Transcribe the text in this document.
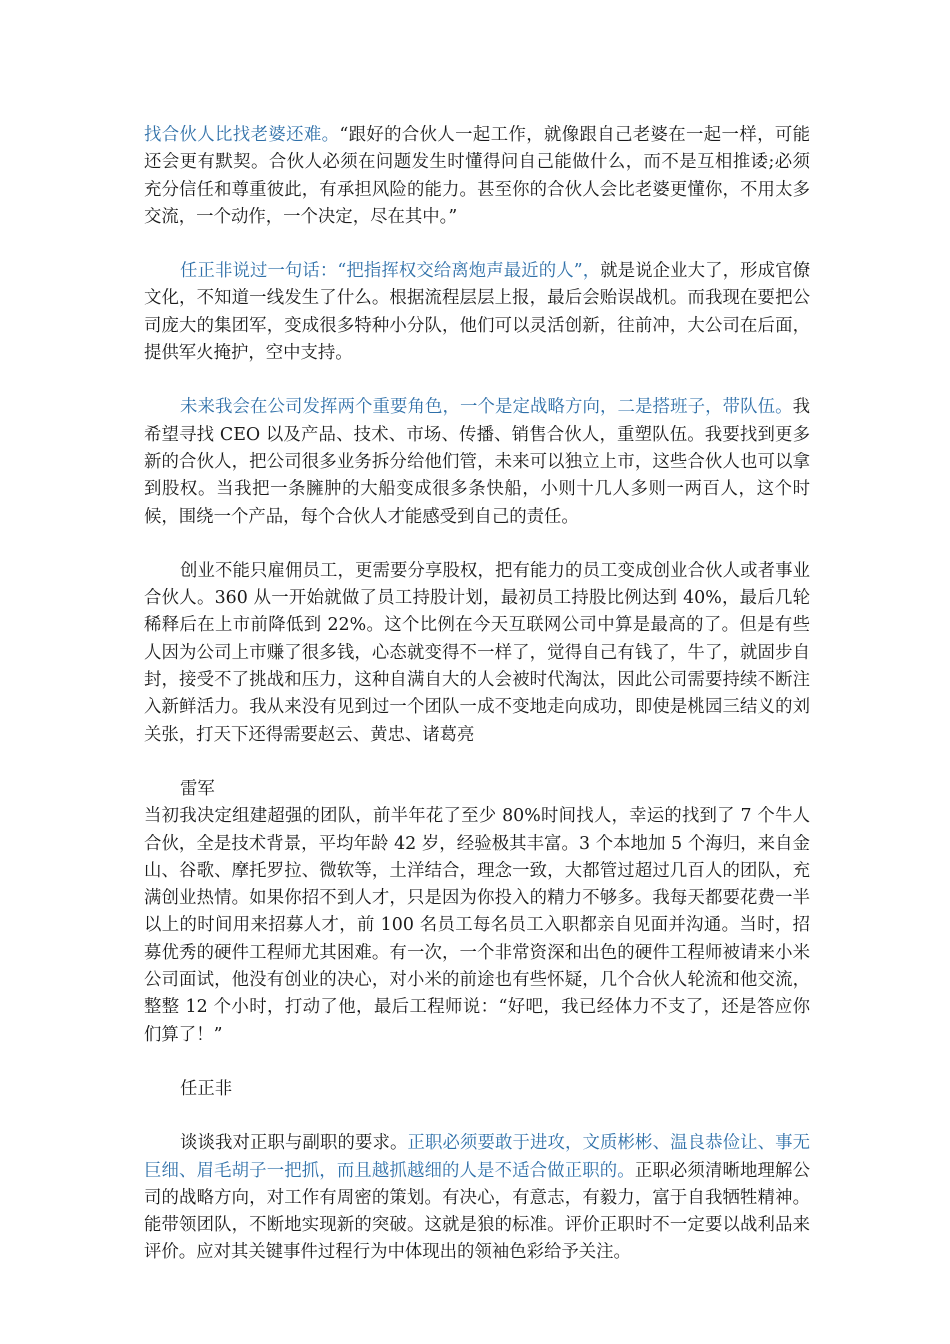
找合伙人比找老婆还难。“跟好的合伙人一起工作，就像跟自己老婆在一起一样，可能还会更有默契。合伙人必须在问题发生时懂得问自己能做什么，而不是互相推诿;必须充分信任和尊重彼此，有承担风险的能力。甚至你的合伙人会比老婆更懂你，不用太多交流，一个动作，一个决定，尽在其中。”

任正非说过一句话：“把指挥权交给离炮声最近的人”，就是说企业大了，形成官僚文化，不知道一线发生了什么。根据流程层层上报，最后会贻误战机。而我现在要把公司庞大的集团军，变成很多特种小分队，他们可以灵活创新，往前冲，大公司在后面，提供军火掩护，空中支持。

未来我会在公司发挥两个重要角色，一个是定战略方向，二是搭班子，带队伍。我希望寻找 CEO 以及产品、技术、市场、传播、销售合伙人，重塑队伍。我要找到更多新的合伙人，把公司很多业务拆分给他们管，未来可以独立上市，这些合伙人也可以拿到股权。当我把一条臃肿的大船变成很多条快船，小则十几人多则一两百人，这个时候，围绕一个产品，每个合伙人才能感受到自己的责任。

创业不能只雇佣员工，更需要分享股权，把有能力的员工变成创业合伙人或者事业合伙人。360 从一开始就做了员工持股计划，最初员工持股比例达到 40%，最后几轮稀释后在上市前降低到 22%。这个比例在今天互联网公司中算是最高的了。但是有些人因为公司上市赚了很多钱，心态就变得不一样了，觉得自己有钱了，牛了，就固步自封，接受不了挑战和压力，这种自满自大的人会被时代淘汰，因此公司需要持续不断注入新鲜活力。我从来没有见到过一个团队一成不变地走向成功，即使是桃园三结义的刘关张，打天下还得需要赵云、黄忠、诸葛亮

雷军

当初我决定组建超强的团队，前半年花了至少 80%时间找人，幸运的找到了 7 个牛人合伙，全是技术背景，平均年龄 42 岁，经验极其丰富。3 个本地加 5 个海归，来自金山、谷歌、摩托罗拉、微软等，土洋结合，理念一致，大都管过超过几百人的团队，充满创业热情。如果你招不到人才，只是因为你投入的精力不够多。我每天都要花费一半以上的时间用来招募人才，前 100 名员工每名员工入职都亲自见面并沟通。当时，招募优秀的硬件工程师尤其困难。有一次，一个非常资深和出色的硬件工程师被请来小米公司面试，他没有创业的决心，对小米的前途也有些怀疑，几个合伙人轮流和他交流，整整 12 个小时，打动了他，最后工程师说：“好吧，我已经体力不支了，还是答应你们算了！”

任正非

谈谈我对正职与副职的要求。正职必须要敢于进攻，文质彬彬、温良恭俭让、事无巨细、眉毛胡子一把抓，而且越抓越细的人是不适合做正职的。正职必须清晰地理解公司的战略方向，对工作有周密的策划。有决心，有意志，有毅力，富于自我牺牲精神。能带领团队，不断地实现新的突破。这就是狼的标准。评价正职时不一定要以战利品来评价。应对其关键事件过程行为中体现出的领袖色彩给予关注。
